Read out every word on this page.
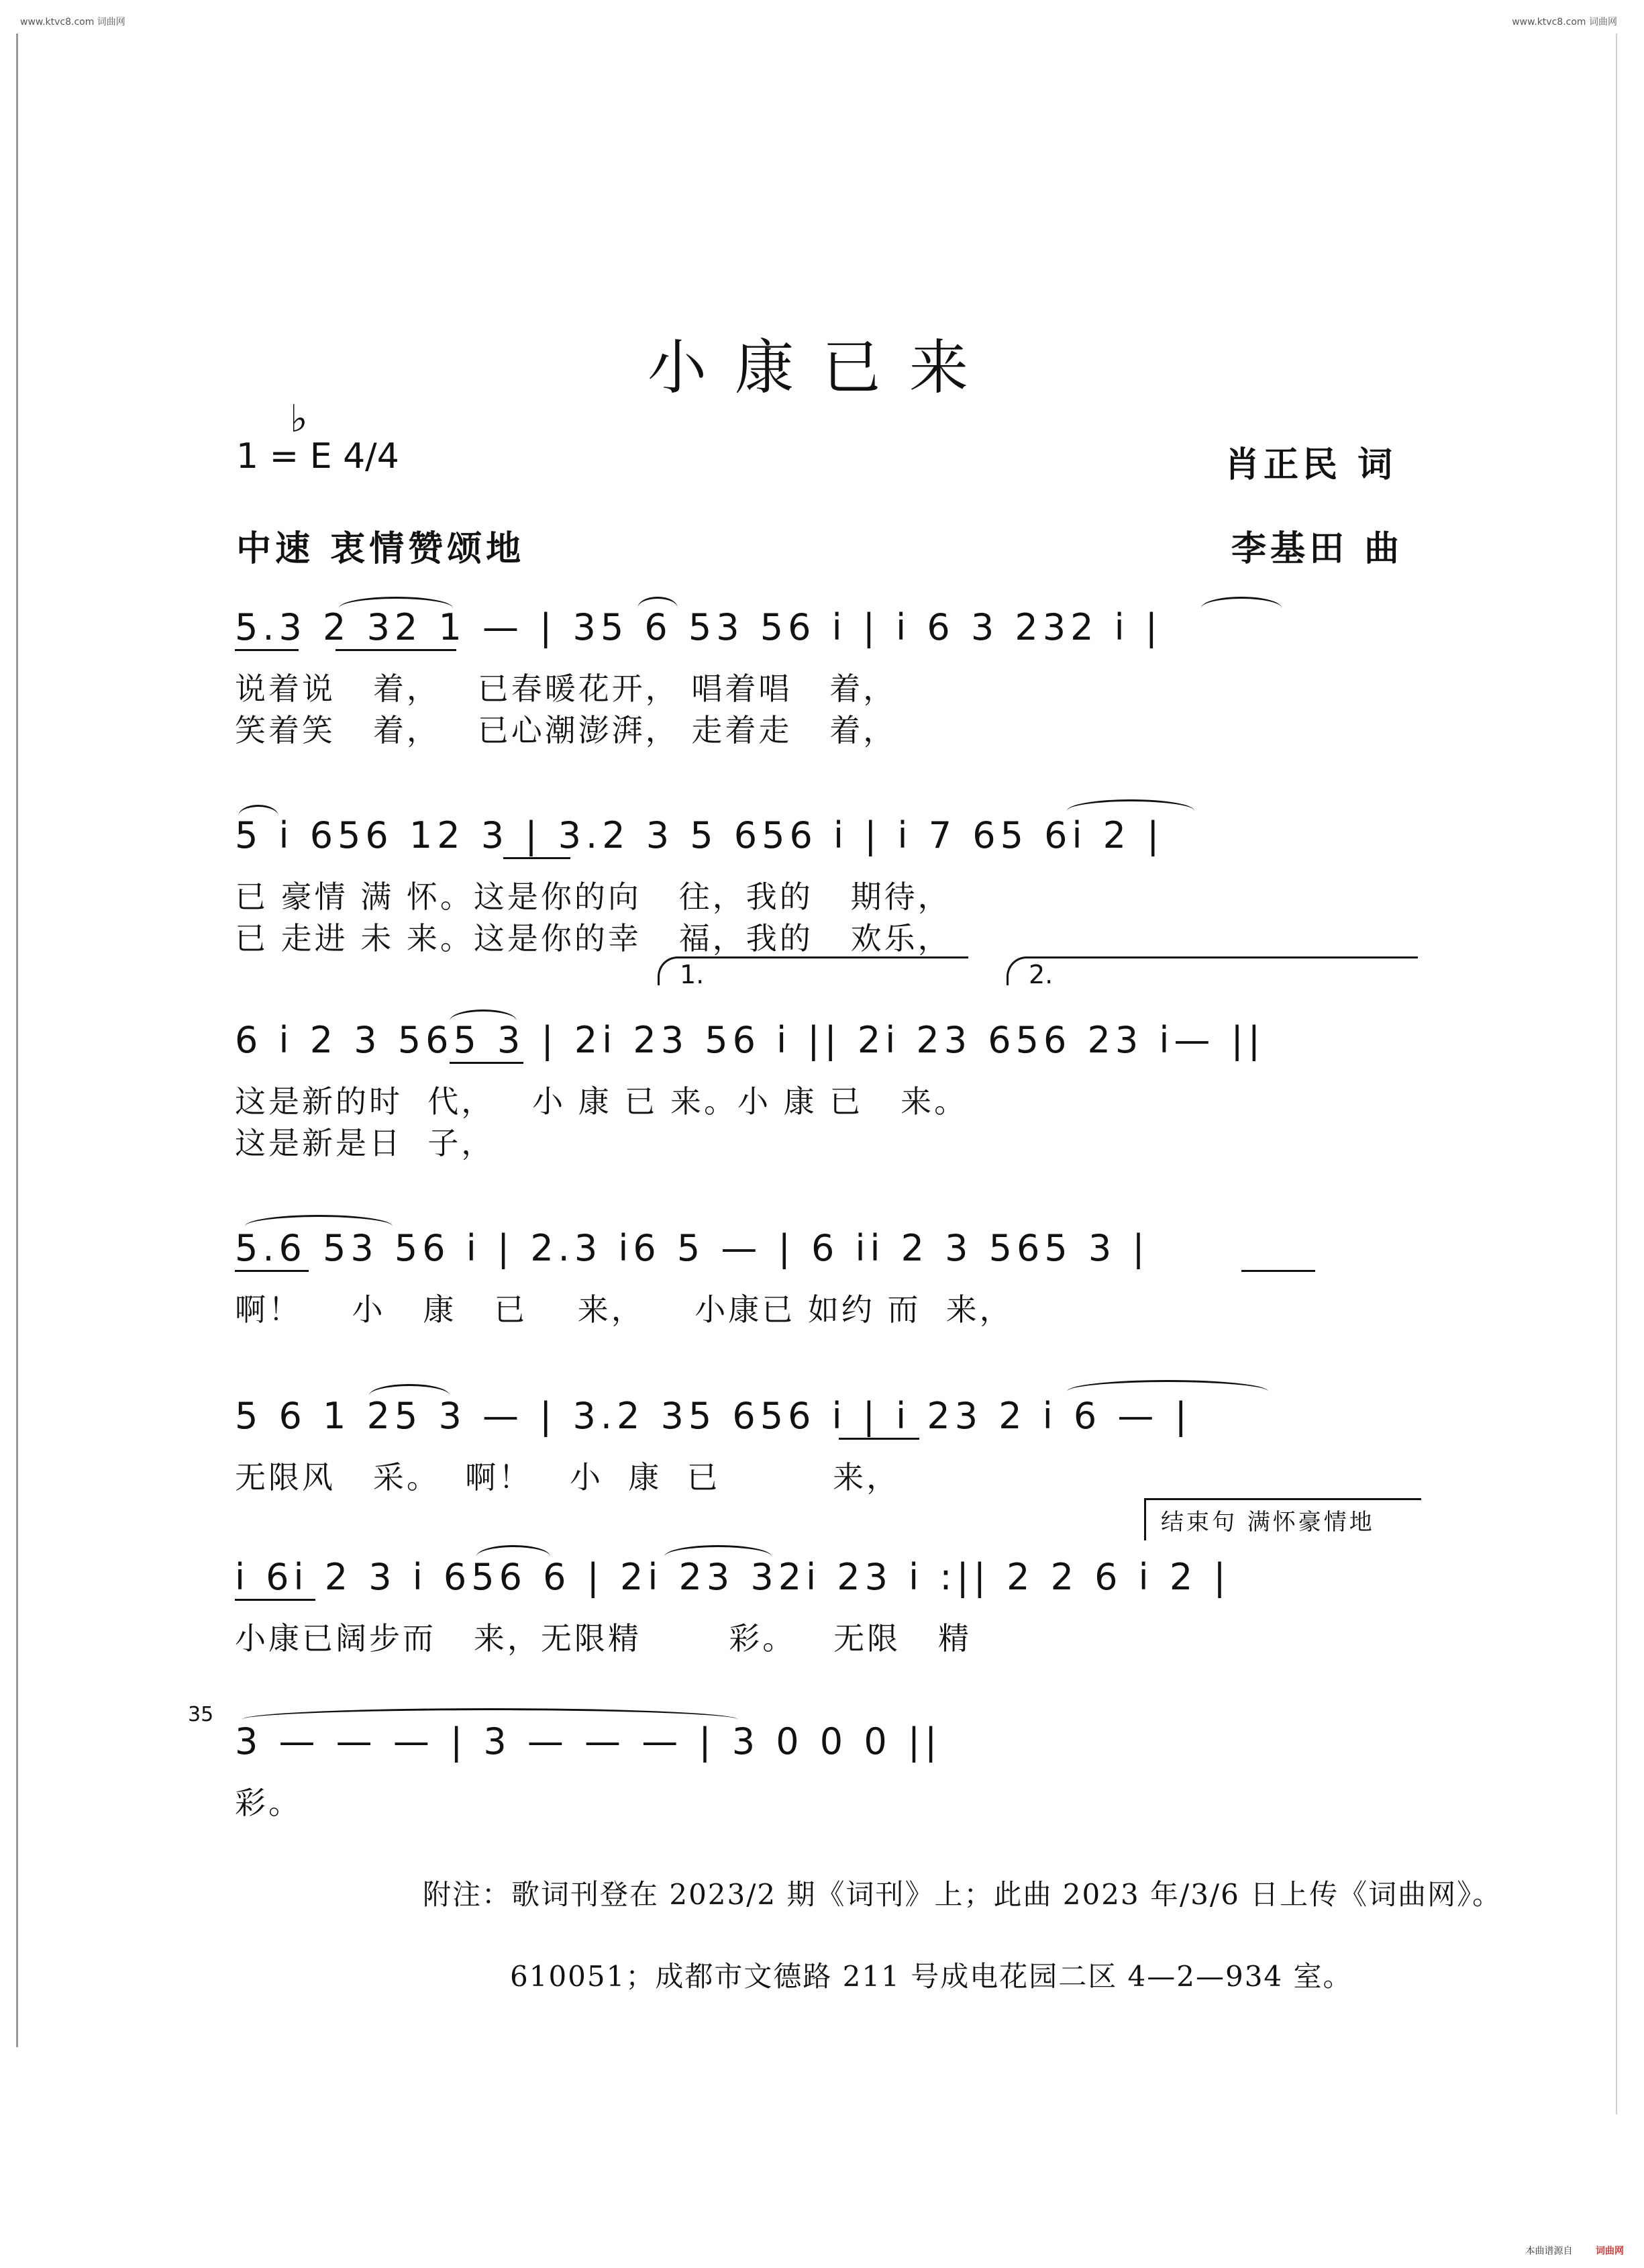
www.ktvc8.com 词曲网	www.ktvc8.com 词曲网
小康已来
♭
1 = E 4/4	肖正民 词
中速 衷情赞颂地	李基田 曲
5.3 2 32 1 — | 35 6 53 56 i | i 6 3 232 i |
说着说   着，   已春暖花开， 唱着唱   着，
笑着笑   着，   已心潮澎湃， 走着走   着，
5 i 656 12 3 | 3.2 3 5 656 i | i 7 65 6i 2 |
已 豪情 满 怀。这是你的向   往，我的   期待，
已 走进 未 来。这是你的幸   福，我的   欢乐，
1.	2.
6 i 2 3 565 3 | 2i 23 56 i || 2i 23 656 23 i— ||
这是新的时  代，   小 康 已 来。小 康 已   来。
这是新是日  子，
5.6 53 56 i | 2.3 i6 5 — | 6 ii 2 3 565 3 |
啊！    小   康   已    来，    小康已 如约 而  来，
5 6 1 25 3 — | 3.2 35 656 i | i 23 2 i 6 — |
无限风   采。  啊！   小  康  已         来，
结束句 满怀豪情地
i 6i 2 3 i 656 6 | 2i 23 32i 23 i :|| 2 2 6 i 2 |
小康已阔步而   来，无限精       彩。   无限   精
35
3 — — — | 3 — — — | 3 0 0 0 ||
彩。
附注：歌词刊登在 2023/2 期《词刊》上；此曲 2023 年/3/6 日上传《词曲网》。
610051；成都市文德路 211 号成电花园二区 4—2—934 室。
本曲谱源自 词曲网
